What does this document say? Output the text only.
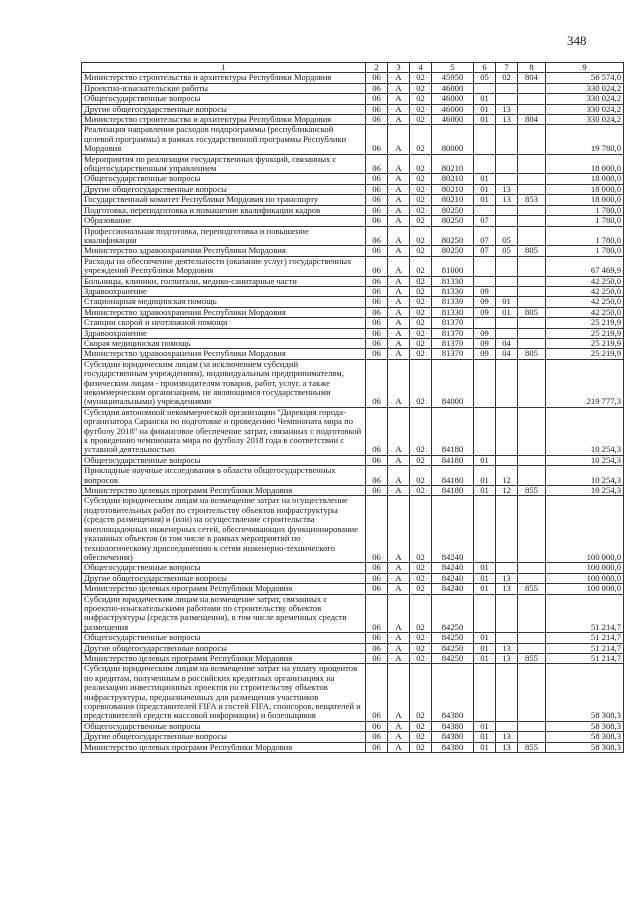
348
1	2	3	4	5	6	7	8	9
Министерство строительства и архитектуры Республики Мордовия	06	А	02	45950	05	02	804	56 574,0
Проектно-изыскательские работы	06	А	02	46000				330 024,2
Общегосударственные вопросы	06	А	02	46000	01			330 024,2
Другие общегосударственные вопросы	06	А	02	46000	01	13		330 024,2
Министерство строительства и архитектуры Республики Мордовия	06	А	02	46000	01	13	804	330 024,2
Реализация направления расходов подпрограммы (республиканской целевой программы) в рамках государственной программы Республики Мордовия	06	А	02	80000				19 780,0
Мероприятия по реализации государственных функций, связанных с общегосударственным управлением	06	А	02	80210				18 000,0
Общегосударственные вопросы	06	А	02	80210	01			18 000,0
Другие общегосударственные вопросы	06	А	02	80210	01	13		18 000,0
Государственный комитет Республики Мордовия по транспорту	06	А	02	80210	01	13	853	18 000,0
Подготовка, переподготовка и повышение квалификации кадров	06	А	02	80250				1 780,0
Образование	06	А	02	80250	07			1 780,0
Профессиональная подготовка, переподготовка и повышение квалификации	06	А	02	80250	07	05		1 780,0
Министерство здравоохранения Республики Мордовия	06	А	02	80250	07	05	805	1 780,0
Расходы на обеспечение деятельности (оказание услуг) государственных учреждений Республики Мордовия	06	А	02	81000				67 469,9
Больницы, клиники, госпитали, медико-санитарные части	06	А	02	81330				42 250,0
Здравоохранение	06	А	02	81330	09			42 250,0
Стационарная медицинская помощь	06	А	02	81330	09	01		42 250,0
Министерство здравоохранения Республики Мордовия	06	А	02	81330	09	01	805	42 250,0
Станции скорой и неотложной помощи	06	А	02	81370				25 219,9
Здравоохранение	06	А	02	81370	09			25 219,9
Скорая медицинская помощь	06	А	02	81370	09	04		25 219,9
Министерство здравоохранения Республики Мордовия	06	А	02	81370	09	04	805	25 219,9
Субсидии юридическим лицам (за исключением субсидий государственным учреждениям), индивидуальным предпринимателям, физическим лицам - производителям товаров, работ, услуг, а также некоммерческим организациям, не являющимся государственными (муниципальными) учреждениями	06	А	02	84000				219 777,3
Субсидия автономной некоммерческой организации "Дирекция города-организатора Саранска по подготовке и проведению Чемпионата мира по футболу 2018" на финансовое обеспечение затрат, связанных с подготовкой к проведению чемпионата мира по футболу 2018 года в соответствии с уставной деятельностью	06	А	02	84180				10 254,3
Общегосударственные вопросы	06	А	02	84180	01			10 254,3
Прикладные научные исследования в области общегосударственных вопросов	06	А	02	84180	01	12		10 254,3
Министерство целевых программ Республики Мордовия	06	А	02	84180	01	12	855	10 254,3
Субсидии юридическим лицам на возмещение затрат на осуществление подготовительных работ по строительству объектов инфраструктуры (средств размещения) и (или) на осуществление строительства внеплощадочных инженерных сетей, обеспечивающих функционирование указанных объектов (в том числе в рамках мероприятий по технологическому присоединению к сетям инженерно-технического обеспечения)	06	А	02	84240				100 000,0
Общегосударственные вопросы	06	А	02	84240	01			100 000,0
Другие общегосударственные вопросы	06	А	02	84240	01	13		100 000,0
Министерство целевых программ Республики Мордовия	06	А	02	84240	01	13	855	100 000,0
Субсидии юридическим лицам на возмещение затрат, связанных с проектно-изыскательскими работами по строительству объектов инфраструктуры (средств размещения), в том числе временных средств размещения	06	А	02	84250				51 214,7
Общегосударственные вопросы	06	А	02	84250	01			51 214,7
Другие общегосударственные вопросы	06	А	02	84250	01	13		51 214,7
Министерство целевых программ Республики Мордовия	06	А	02	84250	01	13	855	51 214,7
Субсидии юридическим лицам на возмещение затрат на уплату процентов по кредитам, полученным в российских кредитных организациях на реализацию инвестиционных проектов по строительству объектов инфраструктуры, предназначенных для размещения участников соревнования (представителей FIFA и гостей FIFA, спонсоров, вещателей и представителей средств массовой информации) и болельщиков	06	А	02	84380				58 308,3
Общегосударственные вопросы	06	А	02	84380	01			58 308,3
Другие общегосударственные вопросы	06	А	02	84380	01	13		58 308,3
Министерство целевых программ Республики Мордовия	06	А	02	84380	01	13	855	58 308,3
